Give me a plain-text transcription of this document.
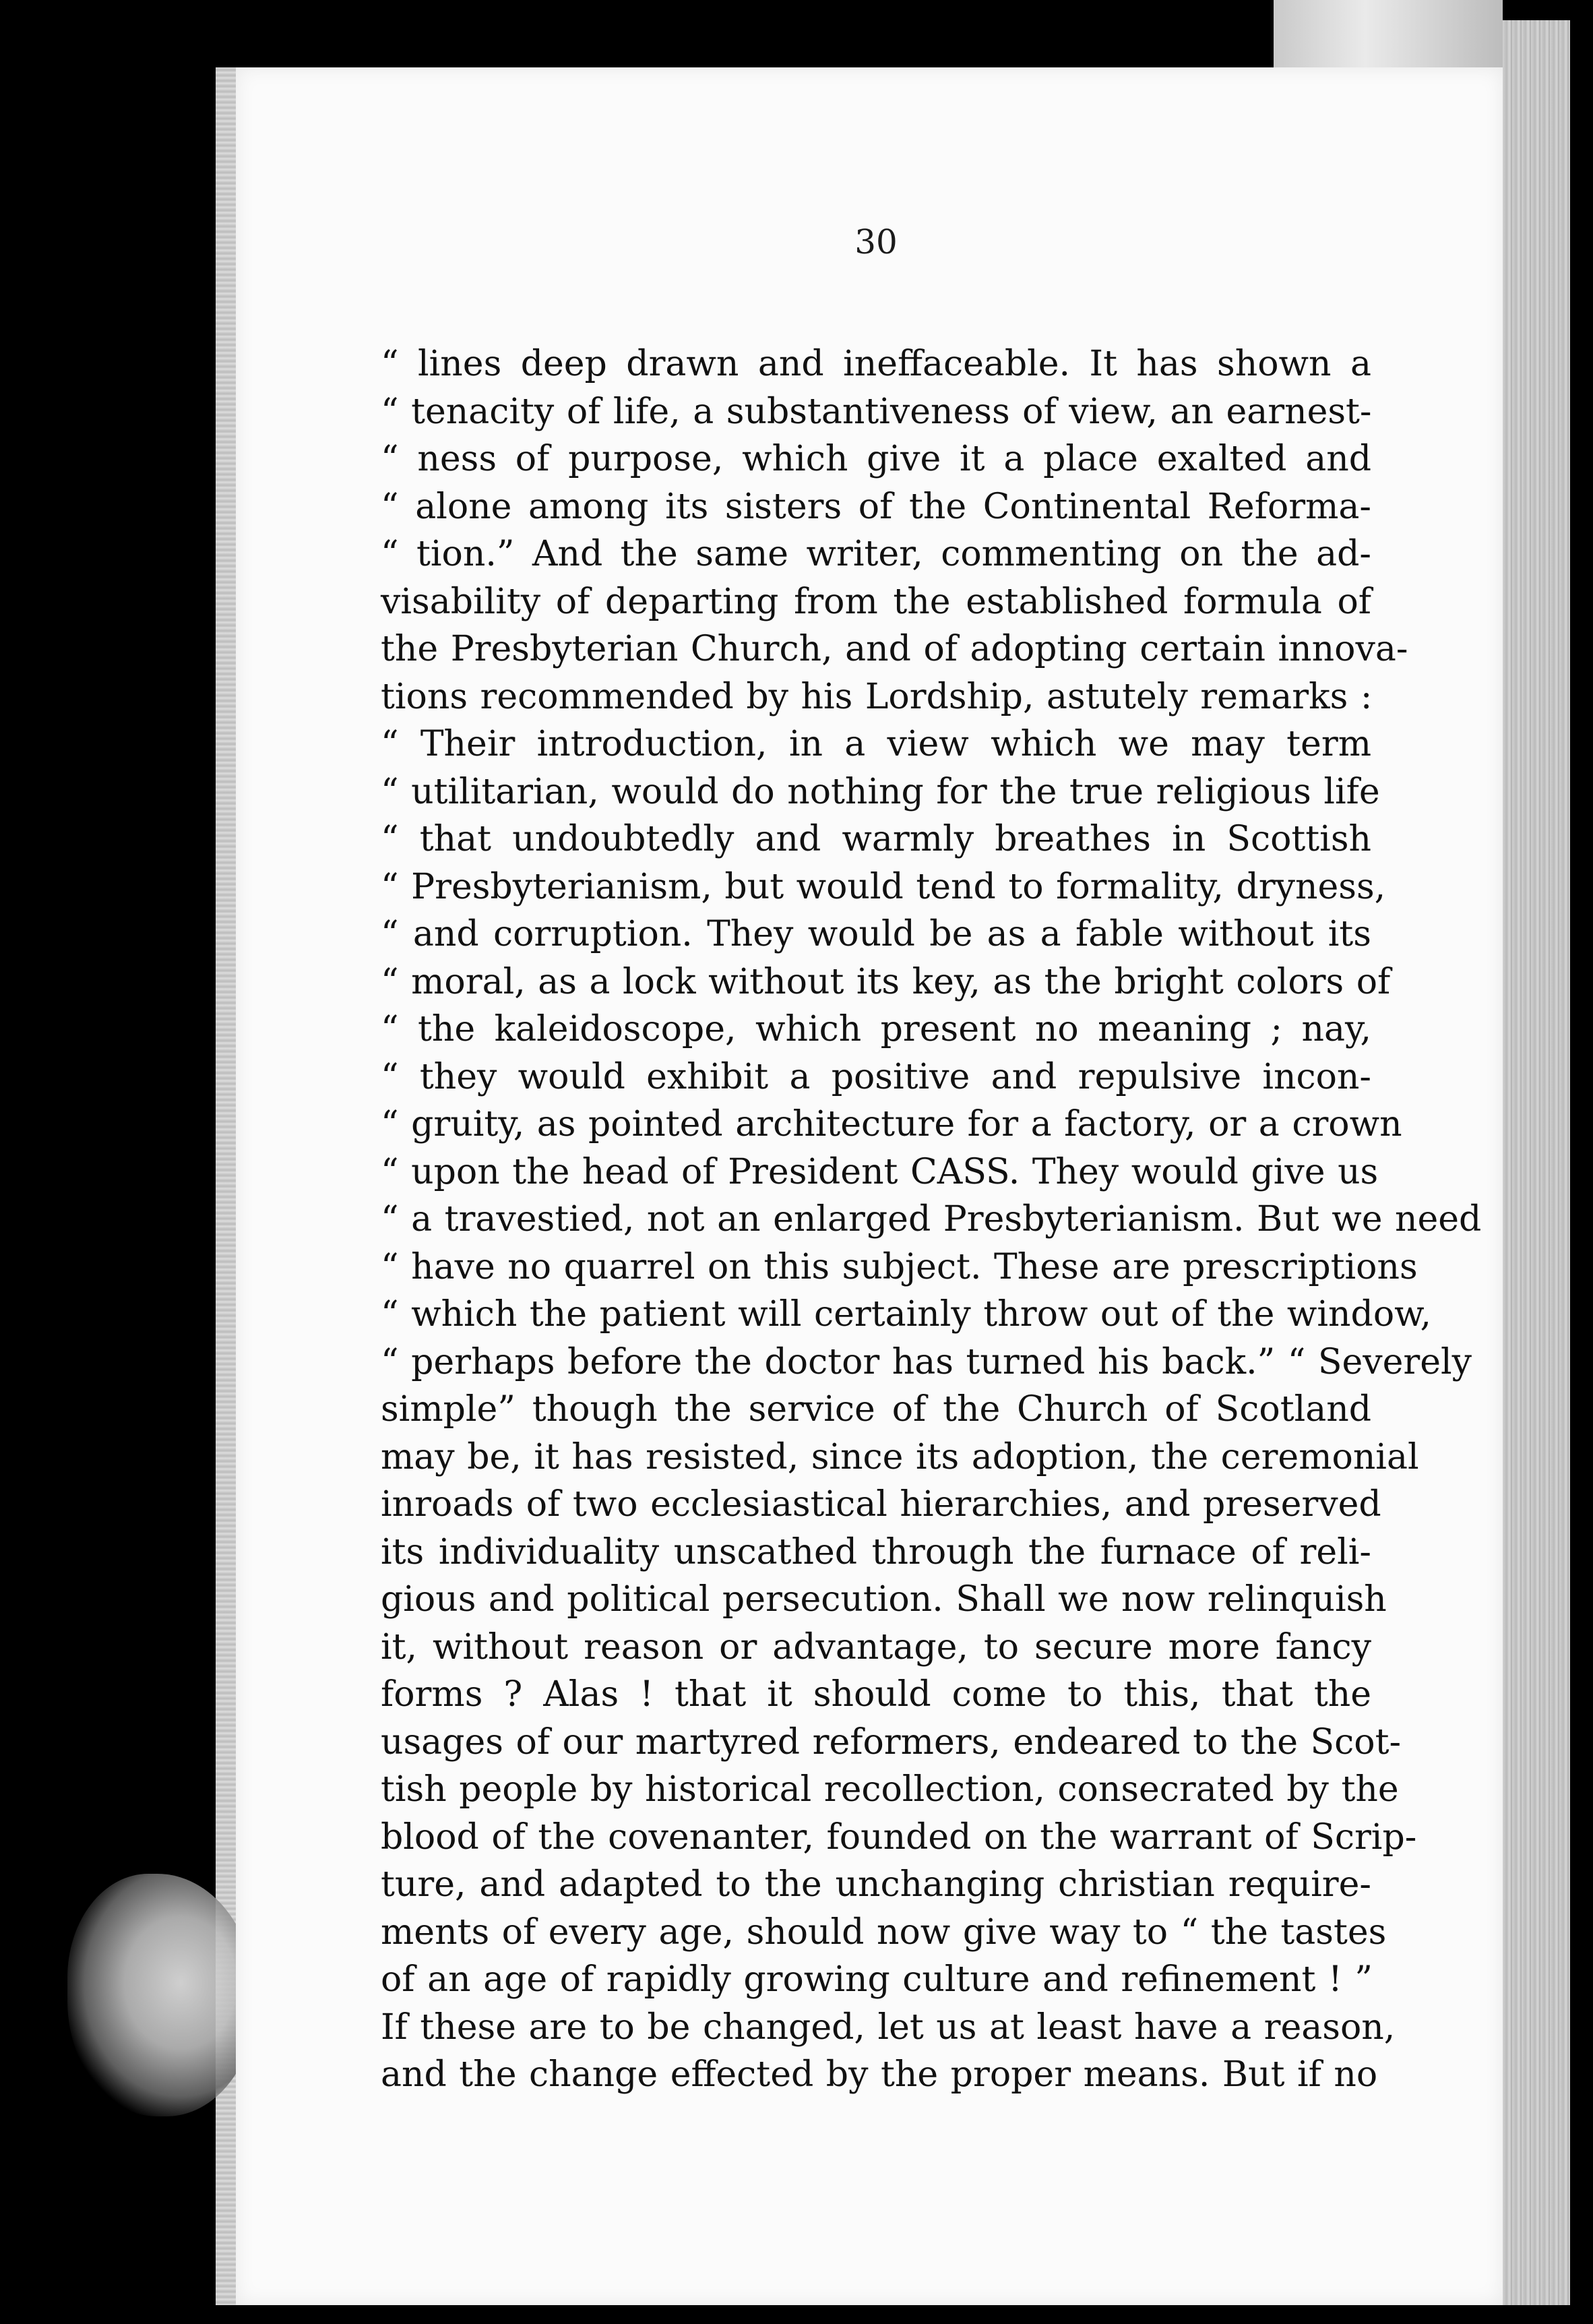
30
“ lines deep drawn and ineffaceable. It has shown a
“ tenacity of life, a substantiveness of view, an earnest-
“ ness of purpose, which give it a place exalted and
“ alone among its sisters of the Continental Reforma-
“ tion.” And the same writer, commenting on the ad-
visability of departing from the established formula of
the Presbyterian Church, and of adopting certain innova-
tions recommended by his Lordship, astutely remarks :
“ Their introduction, in a view which we may term
“ utilitarian, would do nothing for the true religious life
“ that undoubtedly and warmly breathes in Scottish
“ Presbyterianism, but would tend to formality, dryness,
“ and corruption. They would be as a fable without its
“ moral, as a lock without its key, as the bright colors of
“ the kaleidoscope, which present no meaning ; nay,
“ they would exhibit a positive and repulsive incon-
“ gruity, as pointed architecture for a factory, or a crown
“ upon the head of President CASS. They would give us
“ a travestied, not an enlarged Presbyterianism. But we need
“ have no quarrel on this subject. These are prescriptions
“ which the patient will certainly throw out of the window,
“ perhaps before the doctor has turned his back.” “ Severely
simple” though the service of the Church of Scotland
may be, it has resisted, since its adoption, the ceremonial
inroads of two ecclesiastical hierarchies, and preserved
its individuality unscathed through the furnace of reli-
gious and political persecution. Shall we now relinquish
it, without reason or advantage, to secure more fancy
forms ? Alas ! that it should come to this, that the
usages of our martyred reformers, endeared to the Scot-
tish people by historical recollection, consecrated by the
blood of the covenanter, founded on the warrant of Scrip-
ture, and adapted to the unchanging christian require-
ments of every age, should now give way to “ the tastes
of an age of rapidly growing culture and refinement ! ”
If these are to be changed, let us at least have a reason,
and the change effected by the proper means. But if no
